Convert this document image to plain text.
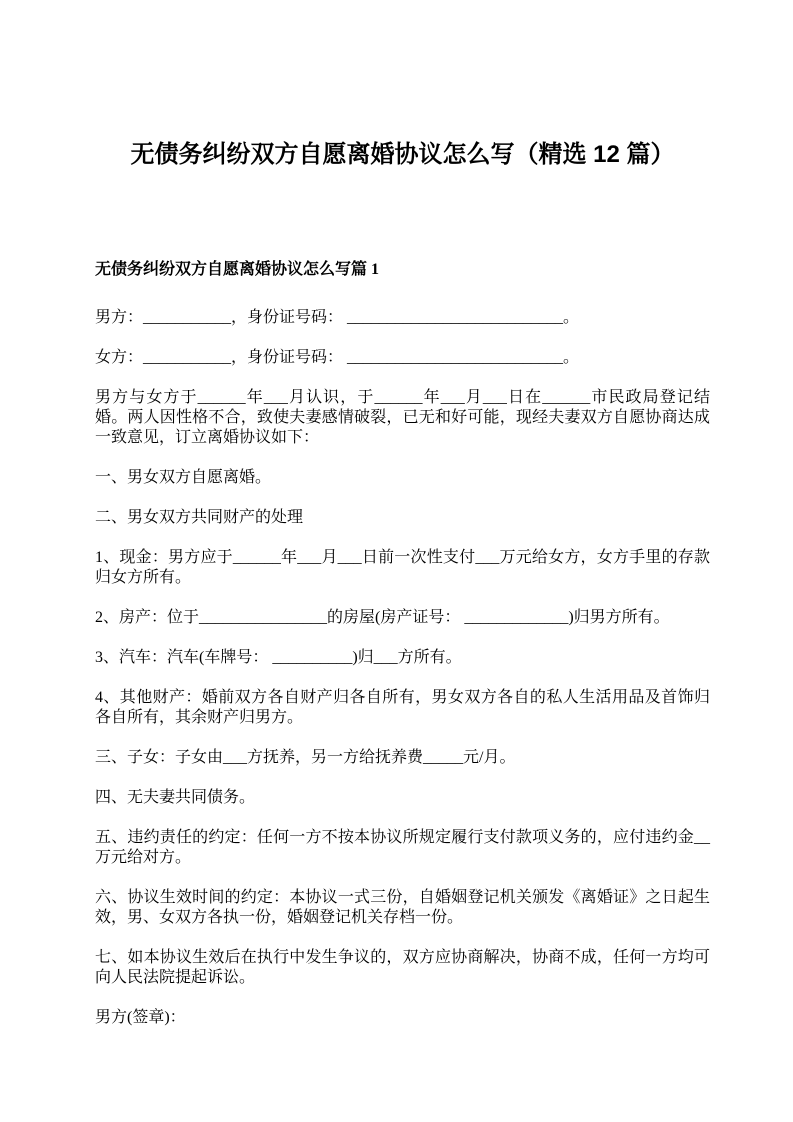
无债务纠纷双方自愿离婚协议怎么写（精选 12 篇）
无债务纠纷双方自愿离婚协议怎么写篇 1

男方：___________，身份证号码： ___________________________。

女方：___________，身份证号码： ___________________________。

男方与女方于______年___月认识，于______年___月___日在______市民政局登记结婚。两人因性格不合，致使夫妻感情破裂，已无和好可能，现经夫妻双方自愿协商达成一致意见，订立离婚协议如下：

一、男女双方自愿离婚。

二、男女双方共同财产的处理

1、现金：男方应于______年___月___日前一次性支付___万元给女方，女方手里的存款归女方所有。

2、房产：位于________________的房屋(房产证号： _____________)归男方所有。

3、汽车：汽车(车牌号： __________)归___方所有。

4、其他财产：婚前双方各自财产归各自所有，男女双方各自的私人生活用品及首饰归各自所有，其余财产归男方。

三、子女：子女由___方抚养，另一方给抚养费_____元/月。

四、无夫妻共同债务。

五、违约责任的约定：任何一方不按本协议所规定履行支付款项义务的，应付违约金__万元给对方。

六、协议生效时间的约定：本协议一式三份，自婚姻登记机关颁发《离婚证》之日起生效，男、女双方各执一份，婚姻登记机关存档一份。

七、如本协议生效后在执行中发生争议的，双方应协商解决，协商不成，任何一方均可向人民法院提起诉讼。

男方(签章)：
